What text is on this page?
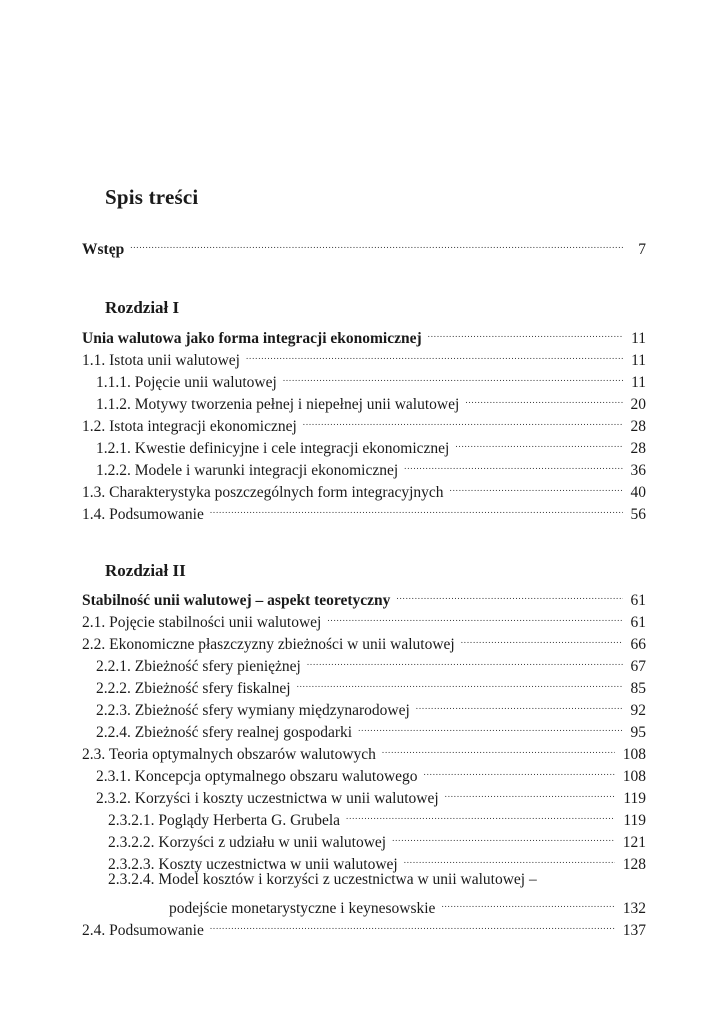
Spis treści
Wstęp .....	7
Rozdział I
Unia walutowa jako forma integracji ekonomicznej .....	11
1.1. Istota unii walutowej .....	11
1.1.1. Pojęcie unii walutowej .....	11
1.1.2. Motywy tworzenia pełnej i niepełnej unii walutowej .....	20
1.2. Istota integracji ekonomicznej .....	28
1.2.1. Kwestie definicyjne i cele integracji ekonomicznej .....	28
1.2.2. Modele i warunki integracji ekonomicznej .....	36
1.3. Charakterystyka poszczególnych form integracyjnych .....	40
1.4. Podsumowanie .....	56
Rozdział II
Stabilność unii walutowej – aspekt teoretyczny .....	61
2.1. Pojęcie stabilności unii walutowej .....	61
2.2. Ekonomiczne płaszczyzny zbieżności w unii walutowej .....	66
2.2.1. Zbieżność sfery pieniężnej .....	67
2.2.2. Zbieżność sfery fiskalnej .....	85
2.2.3. Zbieżność sfery wymiany międzynarodowej .....	92
2.2.4. Zbieżność sfery realnej gospodarki .....	95
2.3. Teoria optymalnych obszarów walutowych .....	108
2.3.1. Koncepcja optymalnego obszaru walutowego .....	108
2.3.2. Korzyści i koszty uczestnictwa w unii walutowej .....	119
2.3.2.1. Poglądy Herberta G. Grubela .....	119
2.3.2.2. Korzyści z udziału w unii walutowej .....	121
2.3.2.3. Koszty uczestnictwa w unii walutowej .....	128
2.3.2.4. Model kosztów i korzyści z uczestnictwa w unii walutowej –
podejście monetarystyczne i keynesowskie .....	132
2.4. Podsumowanie .....	137
